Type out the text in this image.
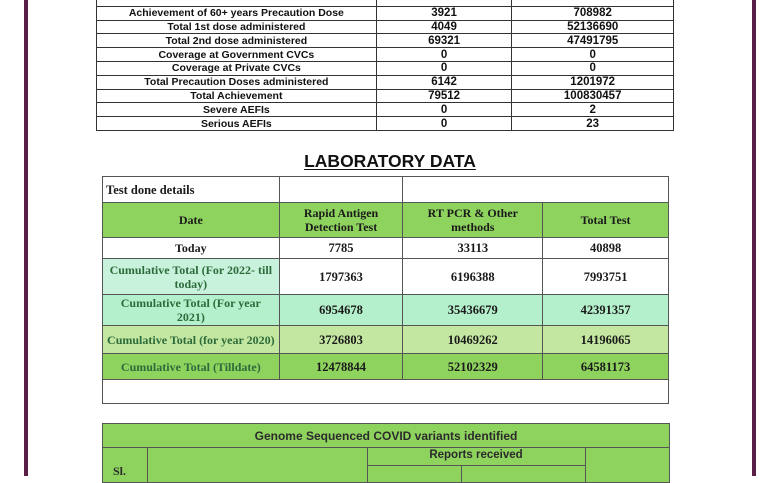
Achievement of 60+ years Precaution Dose	3921	708982
Total 1st dose administered	4049	52136690
Total 2nd dose administered	69321	47491795
Coverage at Government CVCs	0	0
Coverage at Private CVCs	0	0
Total Precaution Doses administered	6142	1201972
Total Achievement	79512	100830457
Severe AEFIs	0	2
Serious AEFIs	0	23
LABORATORY DATA
Test done details			
Date	Rapid Antigen Detection Test	RT PCR & Other methods	Total Test
Today	7785	33113	40898
Cumulative Total (For 2022- till today)	1797363	6196388	7993751
Cumulative Total (For year 2021)	6954678	35436679	42391357
Cumulative Total (for year 2020)	3726803	10469262	14196065
Cumulative Total (Tilldate)	12478844	52102329	64581173

Genome Sequenced COVID variants identified
Reports received
Sl.
